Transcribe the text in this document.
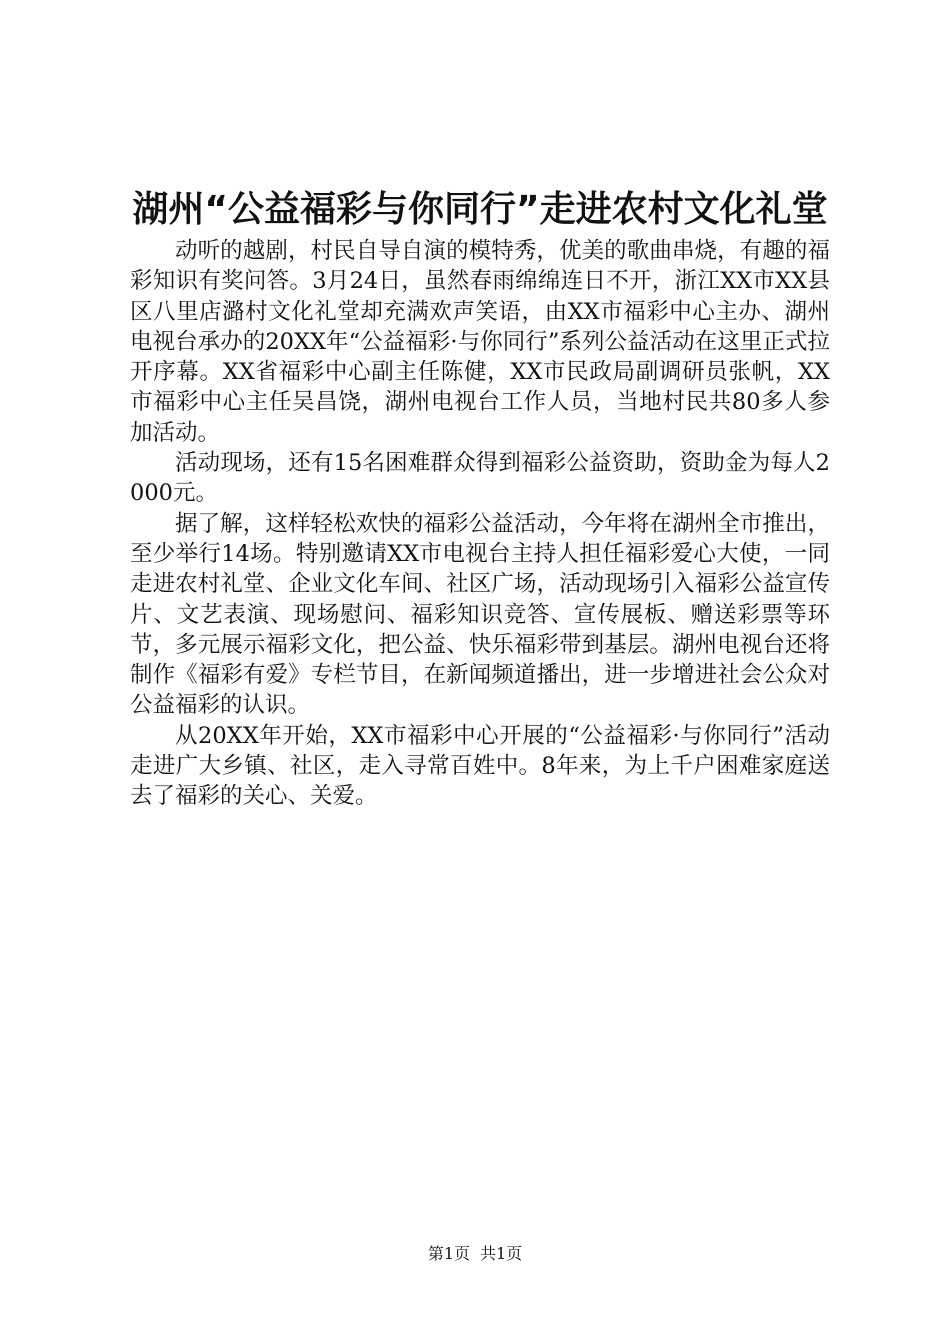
湖州“公益福彩与你同行”走进农村文化礼堂

动听的越剧，村民自导自演的模特秀，优美的歌曲串烧，有趣的福彩知识有奖问答。3月24日，虽然春雨绵绵连日不开，浙江XX市XX县区八里店潞村文化礼堂却充满欢声笑语，由XX市福彩中心主办、湖州电视台承办的20XX年“公益福彩·与你同行”系列公益活动在这里正式拉开序幕。XX省福彩中心副主任陈健，XX市民政局副调研员张帆，XX市福彩中心主任吴昌饶，湖州电视台工作人员，当地村民共80多人参加活动。

活动现场，还有15名困难群众得到福彩公益资助，资助金为每人2000元。

据了解，这样轻松欢快的福彩公益活动，今年将在湖州全市推出，至少举行14场。特别邀请XX市电视台主持人担任福彩爱心大使，一同走进农村礼堂、企业文化车间、社区广场，活动现场引入福彩公益宣传片、文艺表演、现场慰问、福彩知识竞答、宣传展板、赠送彩票等环节，多元展示福彩文化，把公益、快乐福彩带到基层。湖州电视台还将制作《福彩有爱》专栏节目，在新闻频道播出，进一步增进社会公众对公益福彩的认识。

从20XX年开始，XX市福彩中心开展的“公益福彩·与你同行”活动走进广大乡镇、社区，走入寻常百姓中。8年来，为上千户困难家庭送去了福彩的关心、关爱。

第1页 共1页
